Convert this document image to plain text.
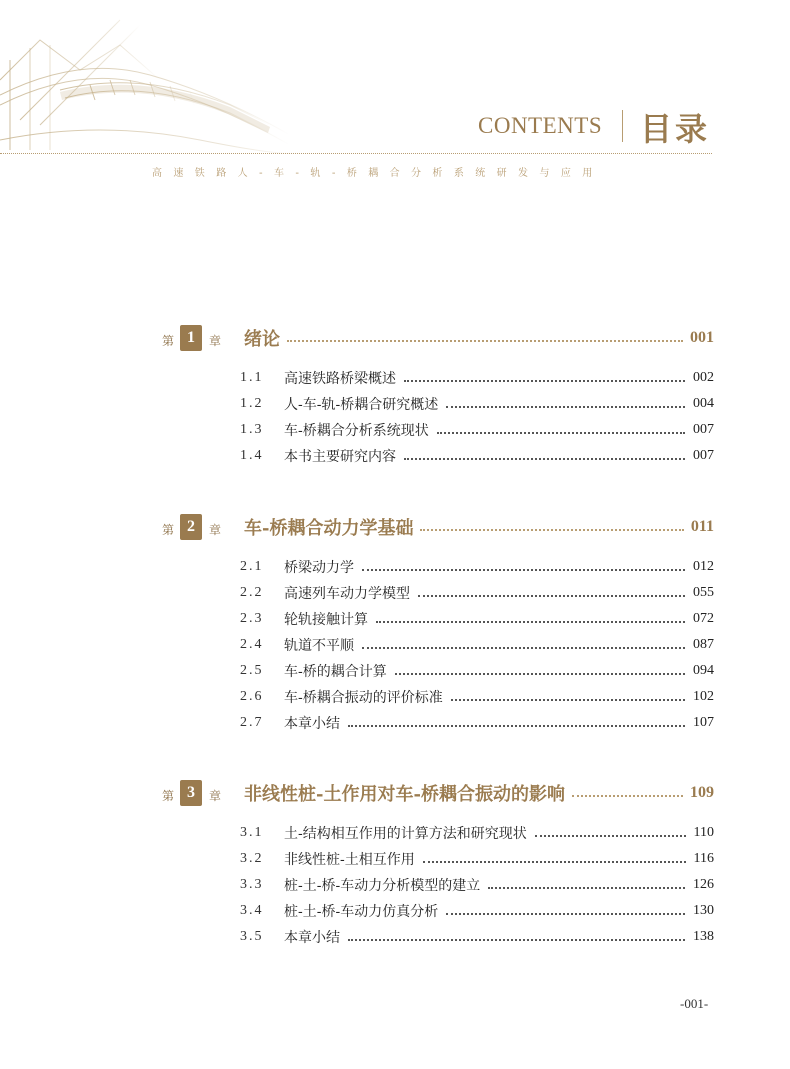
CONTENTS 目录
高速铁路人-车-轨-桥耦合分析系统研发与应用
第 1	章 绪论	001
1.1	高速铁路桥梁概述	002
1.2	人-车-轨-桥耦合研究概述	004
1.3	车-桥耦合分析系统现状	007
1.4	本书主要研究内容	007
第 2	章 车-桥耦合动力学基础	011
2.1	桥梁动力学	012
2.2	高速列车动力学模型	055
2.3	轮轨接触计算	072
2.4	轨道不平顺	087
2.5	车-桥的耦合计算	094
2.6	车-桥耦合振动的评价标准	102
2.7	本章小结	107
第 3	章 非线性桩-土作用对车-桥耦合振动的影响	109
3.1	土-结构相互作用的计算方法和研究现状	110
3.2	非线性桩-土相互作用	116
3.3	桩-土-桥-车动力分析模型的建立	126
3.4	桩-土-桥-车动力仿真分析	130
3.5	本章小结	138
-001-
